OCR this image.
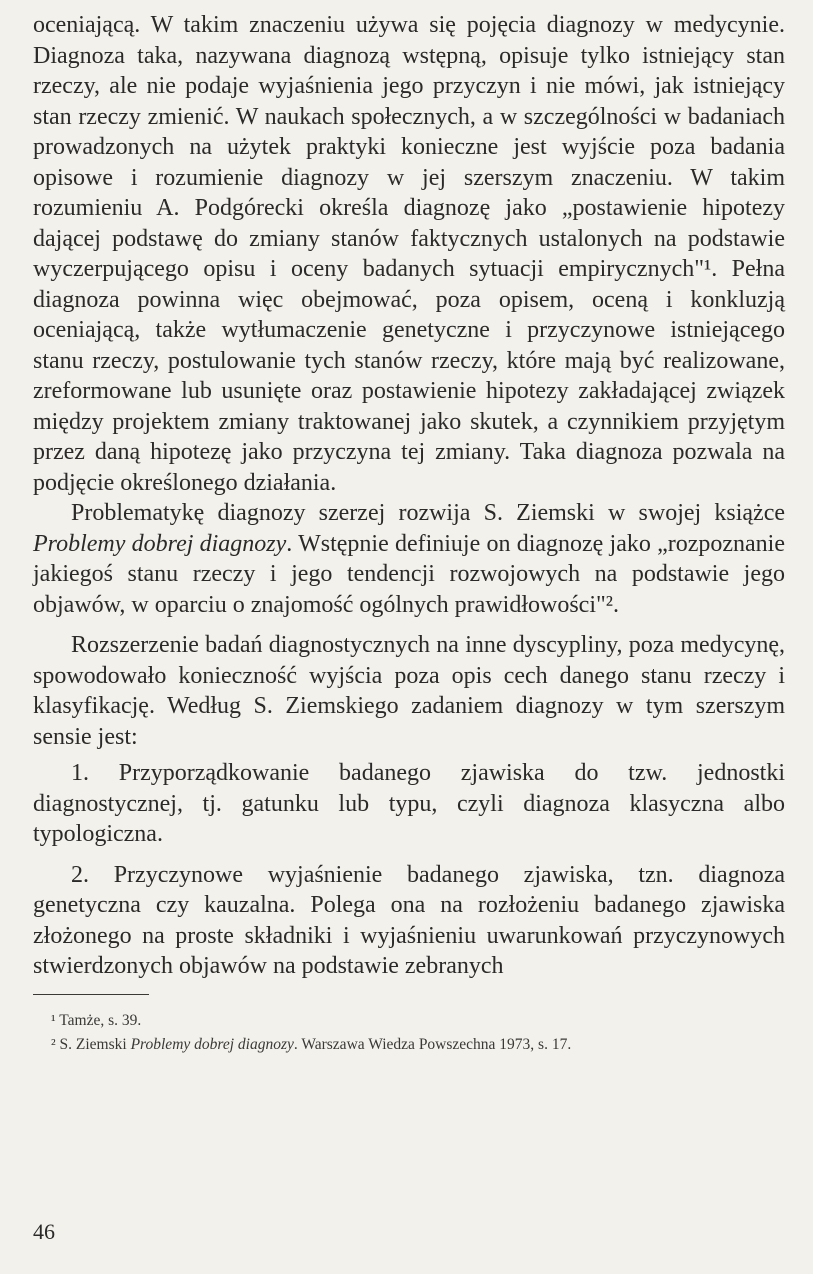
oceniającą. W takim znaczeniu używa się pojęcia diagnozy w medycynie. Diagnoza taka, nazywana diagnozą wstępną, opisuje tylko istniejący stan rzeczy, ale nie podaje wyjaśnienia jego przyczyn i nie mówi, jak istniejący stan rzeczy zmienić. W naukach społecznych, a w szczególności w badaniach prowadzonych na użytek praktyki konieczne jest wyjście poza badania opisowe i rozumienie diagnozy w jej szerszym znaczeniu. W takim rozumieniu A. Podgórecki określa diagnozę jako „postawienie hipotezy dającej podstawę do zmiany stanów faktycznych ustalonych na podstawie wyczerpującego opisu i oceny badanych sytuacji empirycznych"¹. Pełna diagnoza powinna więc obejmować, poza opisem, oceną i konkluzją oceniającą, także wytłumaczenie genetyczne i przyczynowe istniejącego stanu rzeczy, postulowanie tych stanów rzeczy, które mają być realizowane, zreformowane lub usunięte oraz postawienie hipotezy zakładającej związek między projektem zmiany traktowanej jako skutek, a czynnikiem przyjętym przez daną hipotezę jako przyczyna tej zmiany. Taka diagnoza pozwala na podjęcie określonego działania.

Problematykę diagnozy szerzej rozwija S. Ziemski w swojej książce Problemy dobrej diagnozy. Wstępnie definiuje on diagnozę jako „rozpoznanie jakiegoś stanu rzeczy i jego tendencji rozwojowych na podstawie jego objawów, w oparciu o znajomość ogólnych prawidłowości"².

Rozszerzenie badań diagnostycznych na inne dyscypliny, poza medycynę, spowodowało konieczność wyjścia poza opis cech danego stanu rzeczy i klasyfikację. Według S. Ziemskiego zadaniem diagnozy w tym szerszym sensie jest:

1. Przyporządkowanie badanego zjawiska do tzw. jednostki diagnostycznej, tj. gatunku lub typu, czyli diagnoza klasyczna albo typologiczna.

2. Przyczynowe wyjaśnienie badanego zjawiska, tzn. diagnoza genetyczna czy kauzalna. Polega ona na rozłożeniu badanego zjawiska złożonego na proste składniki i wyjaśnieniu uwarunkowań przyczynowych stwierdzonych objawów na podstawie zebranych

¹ Tamże, s. 39.

² S. Ziemski Problemy dobrej diagnozy. Warszawa Wiedza Powszechna 1973, s. 17.

46
